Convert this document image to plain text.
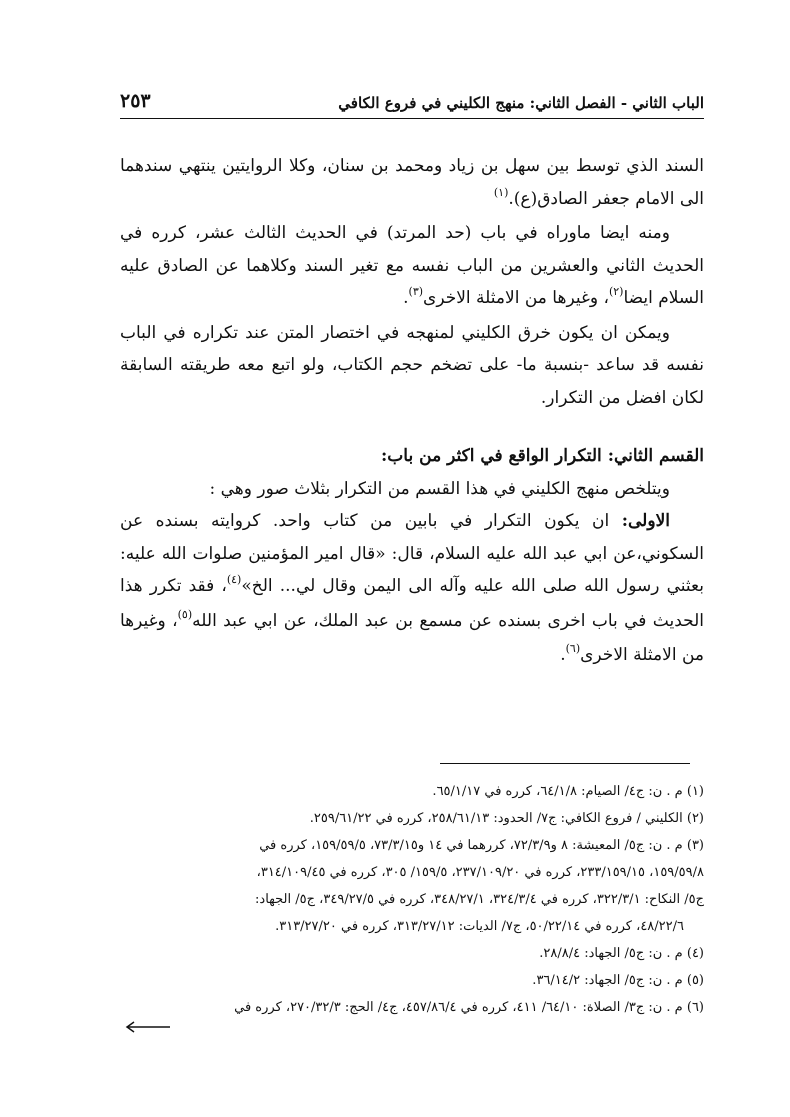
الباب الثاني - الفصل الثاني: منهج الكليني في فروع الكافي
٢٥٣

السند الذي توسط بين سهل بن زياد ومحمد بن سنان، وكلا الروايتين ينتهي سندهما الى الامام جعفر الصادق(ع).$^{(١)}$

ومنه ايضا ماوراه في باب (حد المرتد) في الحديث الثالث عشر، كرره في الحديث الثاني والعشرين من الباب نفسه مع تغير السند وكلاهما عن الصادق عليه السلام ايضا$^{(٢)}$، وغيرها من الامثلة الاخرى$^{(٣)}$.

ويمكن ان يكون خرق الكليني لمنهجه في اختصار المتن عند تكراره في الباب نفسه قد ساعد -بنسبة ما- على تضخم حجم الكتاب، ولو اتبع معه طريقته السابقة لكان افضل من التكرار.

القسم الثاني: التكرار الواقع في اكثر من باب:

ويتلخص منهج الكليني في هذا القسم من التكرار بثلاث صور وهي :

الاولى: ان يكون التكرار في بابين من كتاب واحد. كروايته بسنده عن السكوني،عن ابي عبد الله عليه السلام، قال: «قال امير المؤمنين صلوات الله عليه: بعثني رسول الله صلى الله عليه وآله الى اليمن وقال لي... الخ»$^{(٤)}$، فقد تكرر هذا الحديث في باب اخرى بسنده عن مسمع بن عبد الملك، عن ابي عبد الله$^{(٥)}$، وغيرها من الامثلة الاخرى$^{(٦)}$.

(١) م . ن: ج٤/ الصيام: ٦٤/١/٨، كرره في ٦٥/١/١٧.

(٢) الكليني / فروع الكافي: ج٧/ الحدود: ٢٥٨/٦١/١٣، كرره في ٢٥٩/٦١/٢٢.

(٣) م . ن: ج٥/ المعيشة: ٨ و٧٢/٣/٩، كررهما في ١٤ و٧٣/٣/١٥، ١٥٩/٥٩/٥، كرره في

١٥٩/٥٩/٨، ٢٣٣/١٥٩/١٥، كرره في ٢٣٧/١٠٩/٢٠، ١٥٩/٥/ ٣٠٥، كرره في ٣١٤/١٠٩/٤٥،

ج٥/ النكاح: ٣٢٢/٣/١، كرره في ٣٢٤/٣/٤، ٣٤٨/٢٧/١، كرره في ٣٤٩/٢٧/٥، ج٥/ الجهاد:

٤٨/٢٢/٦، كرره في ٥٠/٢٢/١٤، ج٧/ الديات: ٣١٣/٢٧/١٢، كرره في ٣١٣/٢٧/٢٠.

(٤) م . ن: ج٥/ الجهاد: ٢٨/٨/٤.

(٥) م . ن: ج٥/ الجهاد: ٣٦/١٤/٢.

(٦) م . ن: ج٣/ الصلاة: ٦٤/١٠/ ٤١١، كرره في ٤٥٧/٨٦/٤، ج٤/ الحج: ٢٧٠/٣٢/٣، كرره في
